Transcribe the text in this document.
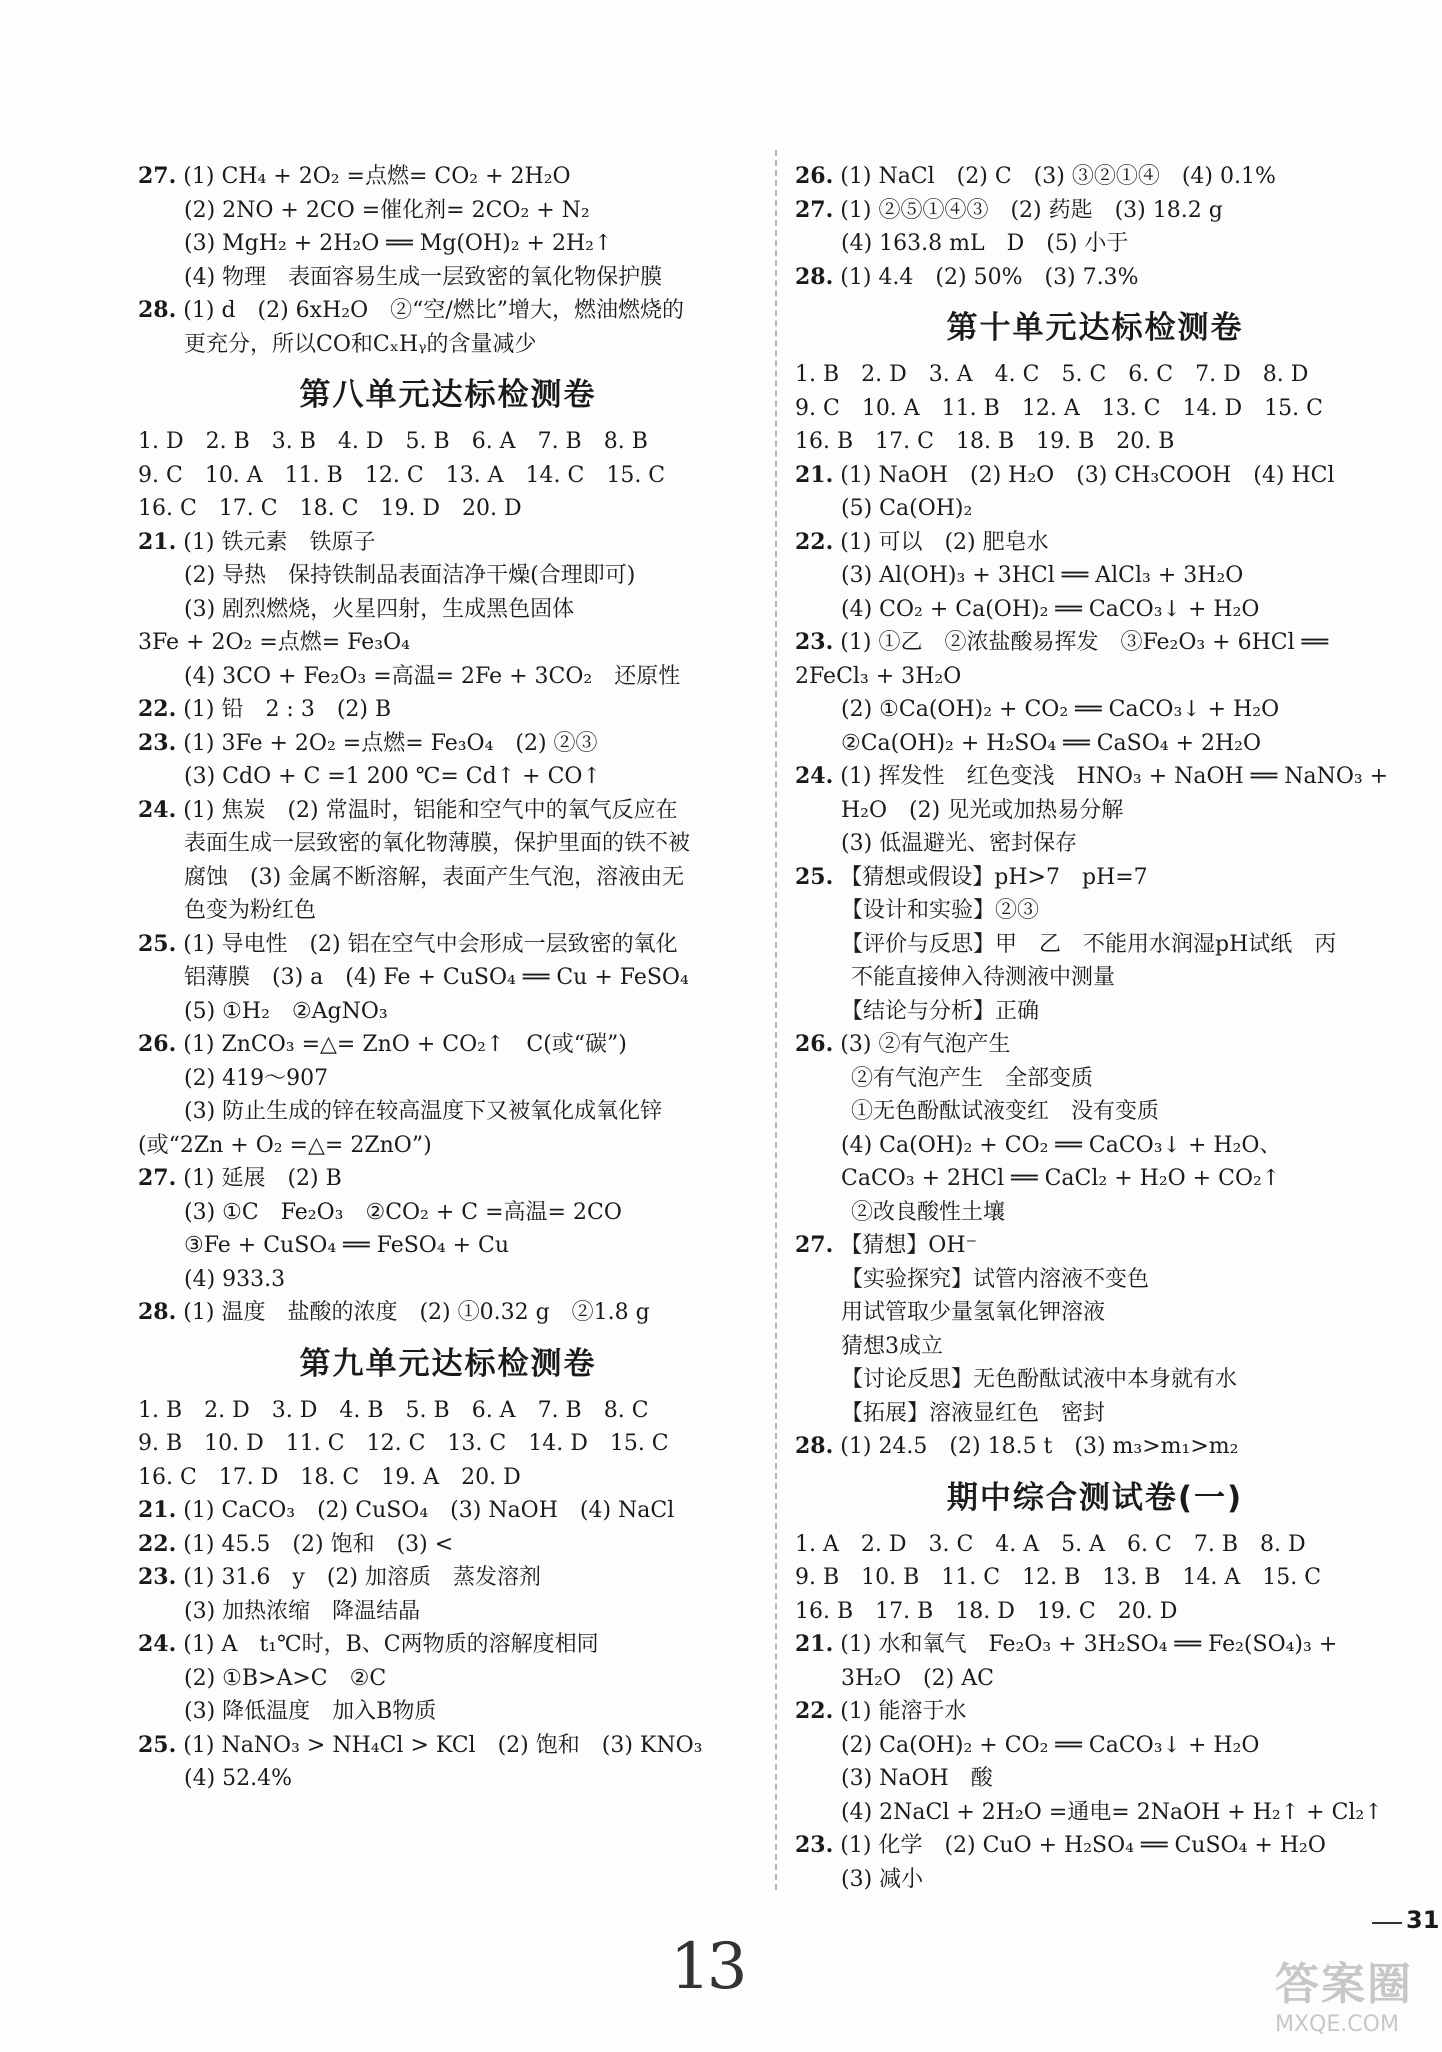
27. (1) CH₄ + 2O₂ =点燃= CO₂ + 2H₂O
(2) 2NO + 2CO =催化剂= 2CO₂ + N₂
(3) MgH₂ + 2H₂O ══ Mg(OH)₂ + 2H₂↑
(4) 物理　表面容易生成一层致密的氧化物保护膜
28. (1) d　(2) 6xH₂O　②“空/燃比”增大，燃油燃烧的
更充分，所以CO和CₓHᵧ的含量减少
第八单元达标检测卷
1. D　2. B　3. B　4. D　5. B　6. A　7. B　8. B
9. C　10. A　11. B　12. C　13. A　14. C　15. C
16. C　17. C　18. C　19. D　20. D
21. (1) 铁元素　铁原子
(2) 导热　保持铁制品表面洁净干燥(合理即可)
(3) 剧烈燃烧，火星四射，生成黑色固体
3Fe + 2O₂ =点燃= Fe₃O₄
(4) 3CO + Fe₂O₃ =高温= 2Fe + 3CO₂　还原性
22. (1) 铅　2 : 3　(2) B
23. (1) 3Fe + 2O₂ =点燃= Fe₃O₄　(2) ②③
(3) CdO + C =1 200 ℃= Cd↑ + CO↑
24. (1) 焦炭　(2) 常温时，铝能和空气中的氧气反应在
表面生成一层致密的氧化物薄膜，保护里面的铁不被
腐蚀　(3) 金属不断溶解，表面产生气泡，溶液由无
色变为粉红色
25. (1) 导电性　(2) 铝在空气中会形成一层致密的氧化
铝薄膜　(3) a　(4) Fe + CuSO₄ ══ Cu + FeSO₄
(5) ①H₂　②AgNO₃
26. (1) ZnCO₃ =△= ZnO + CO₂↑　C(或“碳”)
(2) 419～907
(3) 防止生成的锌在较高温度下又被氧化成氧化锌
(或“2Zn + O₂ =△= 2ZnO”)
27. (1) 延展　(2) B
(3) ①C　Fe₂O₃　②CO₂ + C =高温= 2CO
③Fe + CuSO₄ ══ FeSO₄ + Cu
(4) 933.3
28. (1) 温度　盐酸的浓度　(2) ①0.32 g　②1.8 g
第九单元达标检测卷
1. B　2. D　3. D　4. B　5. B　6. A　7. B　8. C
9. B　10. D　11. C　12. C　13. C　14. D　15. C
16. C　17. D　18. C　19. A　20. D
21. (1) CaCO₃　(2) CuSO₄　(3) NaOH　(4) NaCl
22. (1) 45.5　(2) 饱和　(3) <
23. (1) 31.6　y　(2) 加溶质　蒸发溶剂
(3) 加热浓缩　降温结晶
24. (1) A　t₁℃时，B、C两物质的溶解度相同
(2) ①B>A>C　②C
(3) 降低温度　加入B物质
25. (1) NaNO₃ > NH₄Cl > KCl　(2) 饱和　(3) KNO₃
(4) 52.4%
26. (1) NaCl　(2) C　(3) ③②①④　(4) 0.1%
27. (1) ②⑤①④③　(2) 药匙　(3) 18.2 g
(4) 163.8 mL　D　(5) 小于
28. (1) 4.4　(2) 50%　(3) 7.3%
第十单元达标检测卷
1. B　2. D　3. A　4. C　5. C　6. C　7. D　8. D
9. C　10. A　11. B　12. A　13. C　14. D　15. C
16. B　17. C　18. B　19. B　20. B
21. (1) NaOH　(2) H₂O　(3) CH₃COOH　(4) HCl
(5) Ca(OH)₂
22. (1) 可以　(2) 肥皂水
(3) Al(OH)₃ + 3HCl ══ AlCl₃ + 3H₂O
(4) CO₂ + Ca(OH)₂ ══ CaCO₃↓ + H₂O
23. (1) ①乙　②浓盐酸易挥发　③Fe₂O₃ + 6HCl ══
2FeCl₃ + 3H₂O
(2) ①Ca(OH)₂ + CO₂ ══ CaCO₃↓ + H₂O
②Ca(OH)₂ + H₂SO₄ ══ CaSO₄ + 2H₂O
24. (1) 挥发性　红色变浅　HNO₃ + NaOH ══ NaNO₃ +
H₂O　(2) 见光或加热易分解
(3) 低温避光、密封保存
25. 【猜想或假设】pH>7　pH=7
【设计和实验】②③
【评价与反思】甲　乙　不能用水润湿pH试纸　丙
不能直接伸入待测液中测量
【结论与分析】正确
26. (3) ②有气泡产生
②有气泡产生　全部变质
①无色酚酞试液变红　没有变质
(4) Ca(OH)₂ + CO₂ ══ CaCO₃↓ + H₂O、
CaCO₃ + 2HCl ══ CaCl₂ + H₂O + CO₂↑
②改良酸性土壤
27. 【猜想】OH⁻
【实验探究】试管内溶液不变色
用试管取少量氢氧化钾溶液
猜想3成立
【讨论反思】无色酚酞试液中本身就有水
【拓展】溶液显红色　密封
28. (1) 24.5　(2) 18.5 t　(3) m₃>m₁>m₂
期中综合测试卷(一)
1. A　2. D　3. C　4. A　5. A　6. C　7. B　8. D
9. B　10. B　11. C　12. B　13. B　14. A　15. C
16. B　17. B　18. D　19. C　20. D
21. (1) 水和氧气　Fe₂O₃ + 3H₂SO₄ ══ Fe₂(SO₄)₃ +
3H₂O　(2) AC
22. (1) 能溶于水
(2) Ca(OH)₂ + CO₂ ══ CaCO₃↓ + H₂O
(3) NaOH　酸
(4) 2NaCl + 2H₂O =通电= 2NaOH + H₂↑ + Cl₂↑
23. (1) 化学　(2) CuO + H₂SO₄ ══ CuSO₄ + H₂O
(3) 减小
31
13	答案圈
MXQE.COM
